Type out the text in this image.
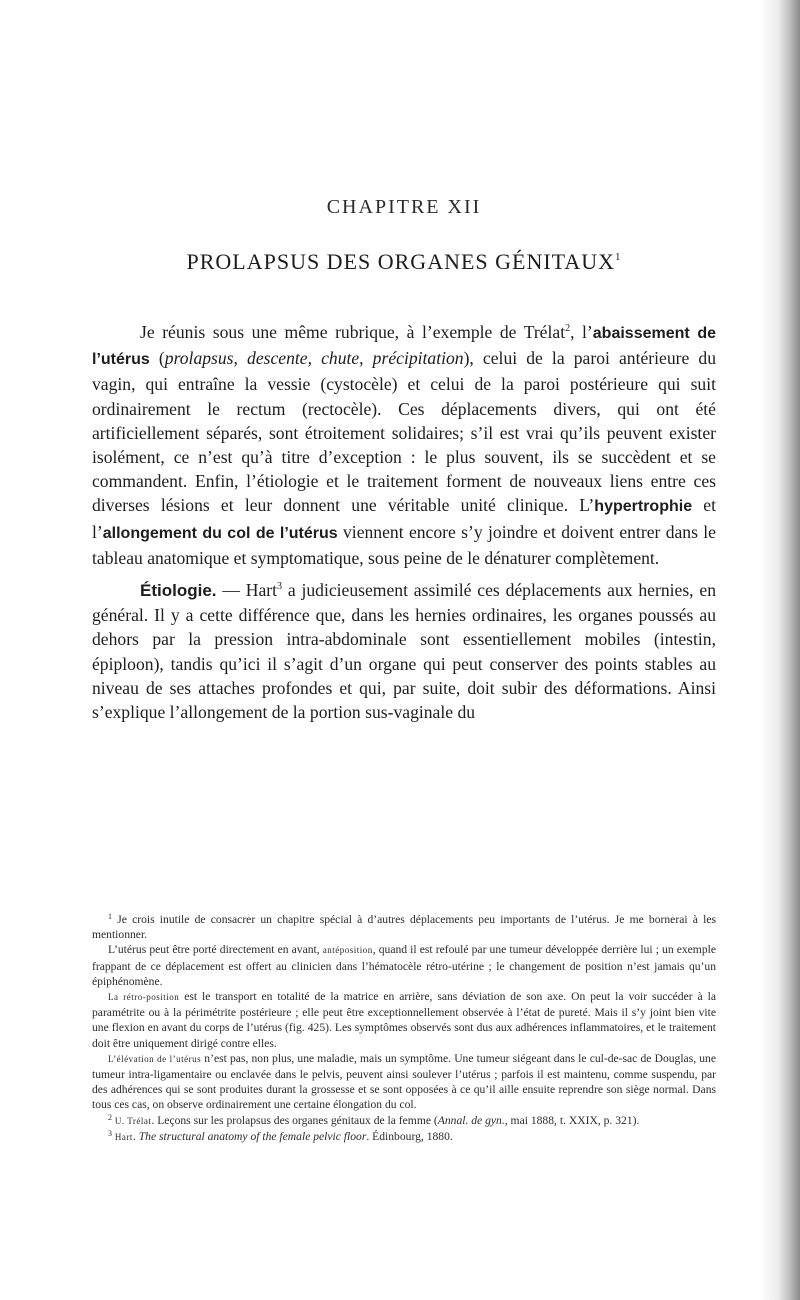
CHAPITRE XII
PROLAPSUS DES ORGANES GÉNITAUX$^1$

Je réunis sous une même rubrique, à l’exemple de Trélat$^2$, l’abaissement de l’utérus (prolapsus, descente, chute, précipitation), celui de la paroi antérieure du vagin, qui entraîne la vessie (cystocèle) et celui de la paroi postérieure qui suit ordinairement le rectum (rectocèle). Ces déplacements divers, qui ont été artificiellement séparés, sont étroitement solidaires; s’il est vrai qu’ils peuvent exister isolément, ce n’est qu’à titre d’exception : le plus souvent, ils se succèdent et se commandent. Enfin, l’étiologie et le traitement forment de nouveaux liens entre ces diverses lésions et leur donnent une véritable unité clinique. L’hypertrophie et l’allongement du col de l’utérus viennent encore s’y joindre et doivent entrer dans le tableau anatomique et symptomatique, sous peine de le dénaturer complètement.

Étiologie. — Hart$^3$ a judicieusement assimilé ces déplacements aux hernies, en général. Il y a cette différence que, dans les hernies ordinaires, les organes poussés au dehors par la pression intra-abdominale sont essentiellement mobiles (intestin, épiploon), tandis qu’ici il s’agit d’un organe qui peut conserver des points stables au niveau de ses attaches profondes et qui, par suite, doit subir des déformations. Ainsi s’explique l’allongement de la portion sus-vaginale du

$^1$ Je crois inutile de consacrer un chapitre spécial à d’autres déplacements peu importants de l’utérus. Je me bornerai à les mentionner.

L’utérus peut être porté directement en avant, antéposition, quand il est refoulé par une tumeur développée derrière lui ; un exemple frappant de ce déplacement est offert au clinicien dans l’hématocèle rétro-utérine ; le changement de position n’est jamais qu’un épiphénomène.

La rétro-position est le transport en totalité de la matrice en arrière, sans déviation de son axe. On peut la voir succéder à la paramétrite ou à la périmétrite postérieure ; elle peut être exceptionnellement observée à l’état de pureté. Mais il s’y joint bien vite une flexion en avant du corps de l’utérus (fig. 425). Les symptômes observés sont dus aux adhérences inflammatoires, et le traitement doit être uniquement dirigé contre elles.

L’élévation de l’utérus n’est pas, non plus, une maladie, mais un symptôme. Une tumeur siégeant dans le cul-de-sac de Douglas, une tumeur intra-ligamentaire ou enclavée dans le pelvis, peuvent ainsi soulever l’utérus ; parfois il est maintenu, comme suspendu, par des adhérences qui se sont produites durant la grossesse et se sont opposées à ce qu’il aille ensuite reprendre son siège normal. Dans tous ces cas, on observe ordinairement une certaine élongation du col.

$^2$ U. Trélat. Leçons sur les prolapsus des organes génitaux de la femme (Annal. de gyn., mai 1888, t. XXIX, p. 321).

$^3$ Hart. The structural anatomy of the female pelvic floor. Édinbourg, 1880.
